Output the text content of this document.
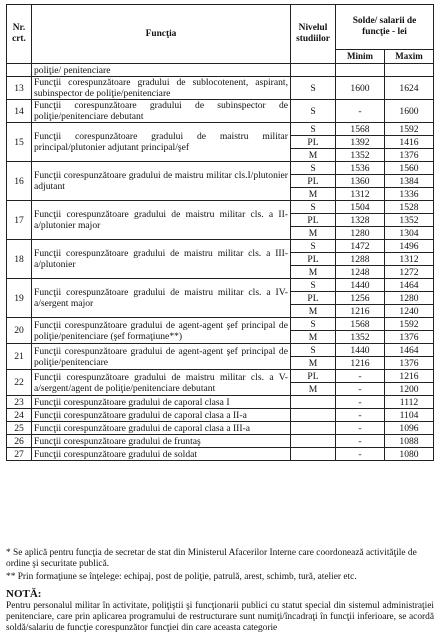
Nr. crt.	Funcţia	Nivelul studiilor	Solde/ salarii de funcţie - lei	
			Minim	Maxim
	poliţie/ penitenciare			
13	Funcţii corespunzătoare gradului de sublocotenent, aspirant, subinspector de poliţie/penitenciare	S	1600	1624
14	Funcţii corespunzătoare gradului de subinspector de poliţie/penitenciare debutant	S	-	1600
15	Funcţii corespunzătoare gradului de maistru militar principal/plutonier adjutant principal/şef	S	1568	1592
		PL	1392	1416
		M	1352	1376
16	Funcţii corespunzătoare gradului de maistru militar cls.I/plutonier adjutant	S	1536	1560
		PL	1360	1384
		M	1312	1336
17	Funcţii corespunzătoare gradului de maistru militar cls. a II-a/plutonier major	S	1504	1528
		PL	1328	1352
		M	1280	1304
18	Funcţii corespunzătoare gradului de maistru militar cls. a III-a/plutonier	S	1472	1496
		PL	1288	1312
		M	1248	1272
19	Funcţii corespunzătoare gradului de maistru militar cls. a IV-a/sergent major	S	1440	1464
		PL	1256	1280
		M	1216	1240
20	Funcţii corespunzătoare gradului de agent-agent şef principal de poliţie/penitenciare (şef formaţiune**)	S	1568	1592
		M	1352	1376
21	Funcţii corespunzătoare gradului de agent-agent şef principal de poliţie/penitenciare	S	1440	1464
		M	1216	1376
22	Funcţii corespunzătoare gradului de maistru militar cls. a V-a/sergent/agent de poliţie/penitenciare debutant	PL	-	1216
		M	-	1200
23	Funcţii corespunzătoare gradului de caporal clasa I		-	1112
24	Funcţii corespunzătoare gradului de caporal clasa a II-a		-	1104
25	Funcţii corespunzătoare gradului de caporal clasa a III-a		-	1096
26	Funcţii corespunzătoare gradului de fruntaş		-	1088
27	Funcţii corespunzătoare gradului de soldat		-	1080

* Se aplică pentru funcţia de secretar de stat din Ministerul Afacerilor Interne care coordonează activităţile de ordine şi securitate publică.

** Prin formaţiune se înţelege: echipaj, post de poliţie, patrulă, arest, schimb, tură, atelier etc.

NOTĂ:

Pentru personalul militar în activitate, poliţiştii şi funcţionarii publici cu statut special din sistemul administraţiei penitenciare, care prin aplicarea programului de restructurare sunt numiţi/încadraţi în funcţii inferioare, se acordă soldă/salariu de funcţie corespunzător funcţiei din care aceasta categorie
